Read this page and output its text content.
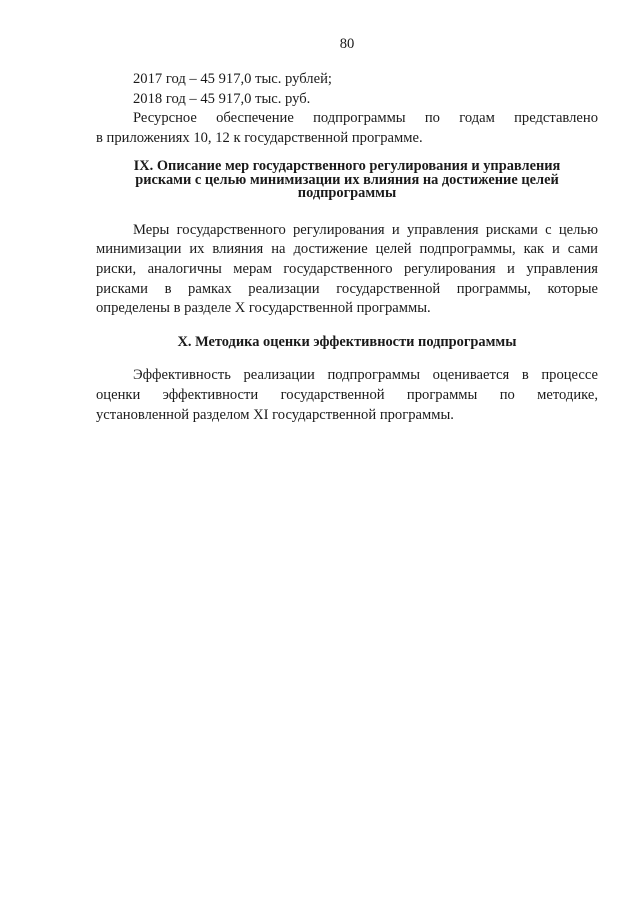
80

2017 год – 45 917,0 тыс. рублей;

2018 год – 45 917,0 тыс. руб.

Ресурсное обеспечение подпрограммы по годам представлено

в приложениях 10, 12 к государственной программе.

IX. Описание мер государственного регулирования и управления

рисками с целью минимизации их влияния на достижение целей

подпрограммы

Меры государственного регулирования и управления рисками с целью

минимизации их влияния на достижение целей подпрограммы, как и сами

риски, аналогичны мерам государственного регулирования и управления

рисками в рамках реализации государственной программы, которые

определены в разделе X государственной программы.

X. Методика оценки эффективности подпрограммы

Эффективность реализации подпрограммы оценивается в процессе

оценки эффективности государственной программы по методике,

установленной разделом XI государственной программы.
